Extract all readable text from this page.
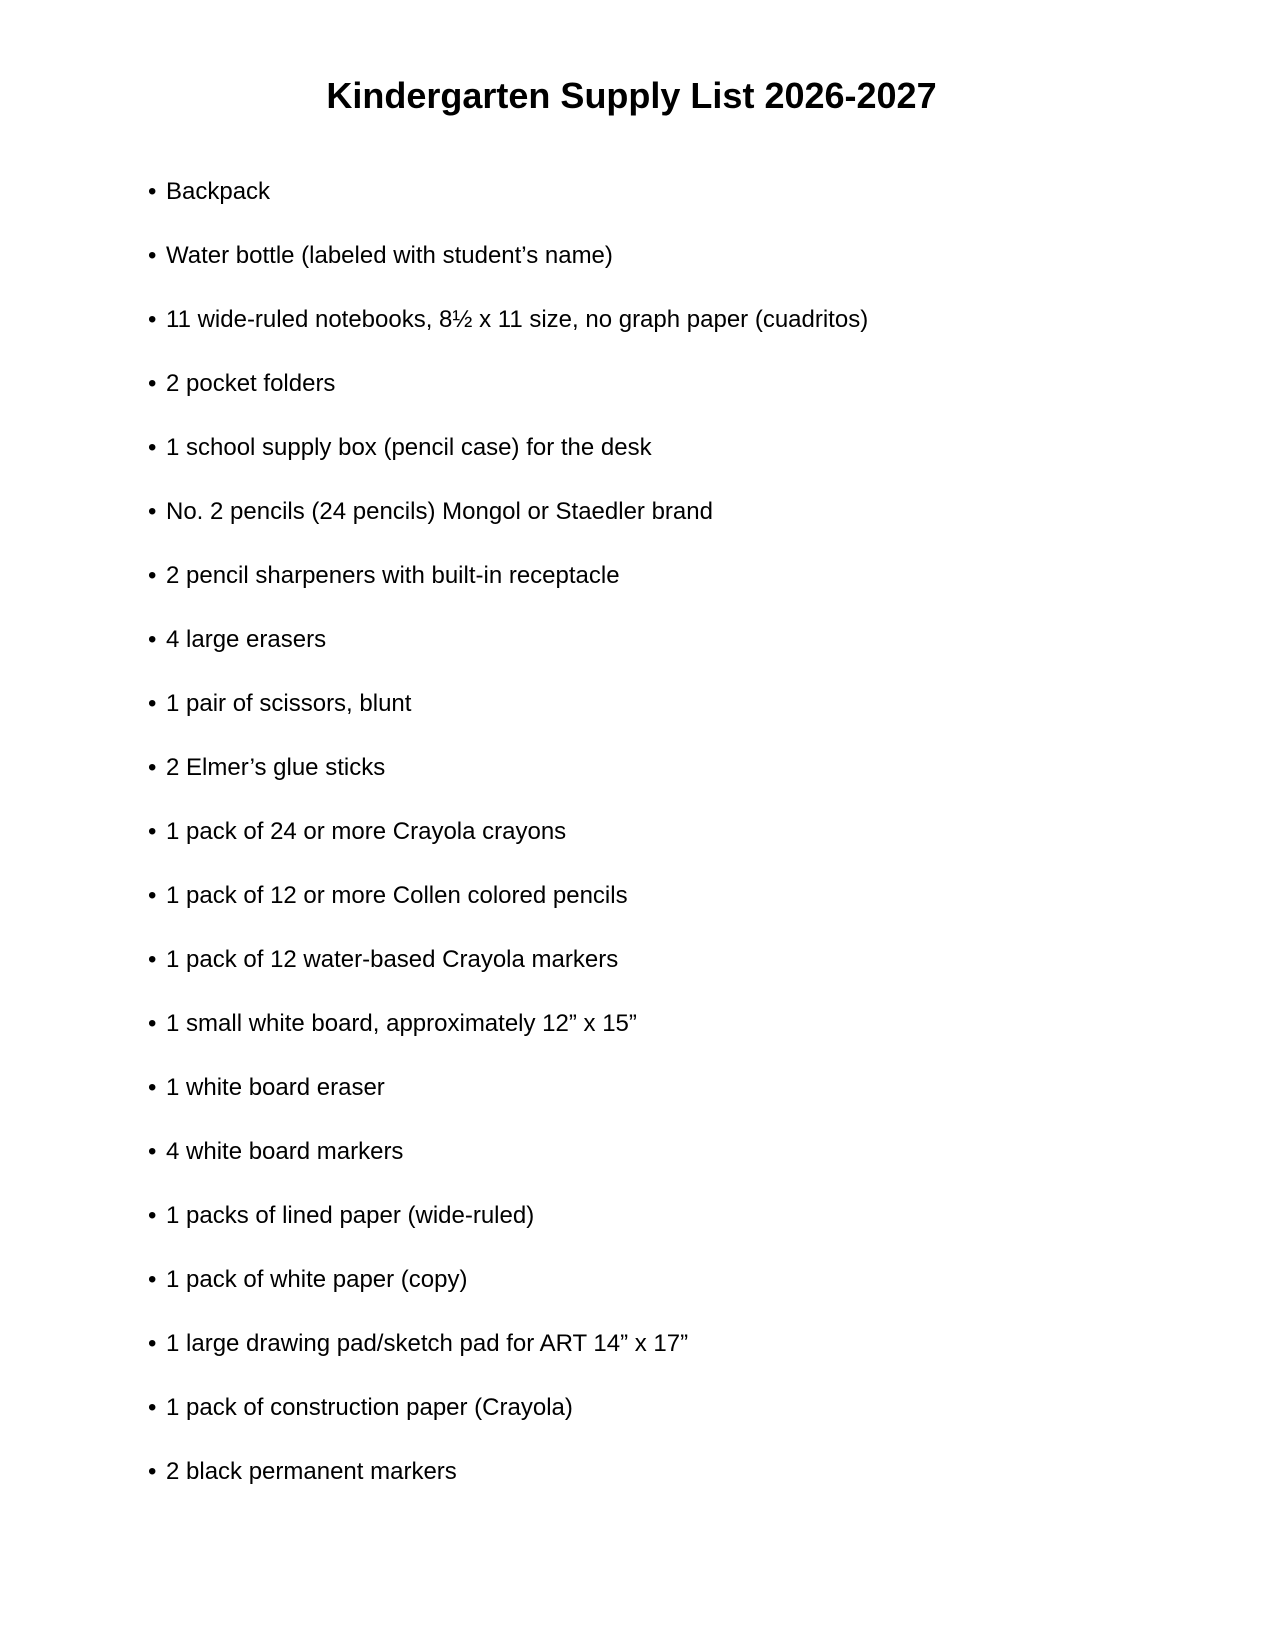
Kindergarten Supply List 2026-2027
• Backpack
• Water bottle (labeled with student’s name)
• 11 wide-ruled notebooks, 8½ x 11 size, no graph paper (cuadritos)
• 2 pocket folders
• 1 school supply box (pencil case) for the desk
• No. 2 pencils (24 pencils) Mongol or Staedler brand
• 2 pencil sharpeners with built-in receptacle
• 4 large erasers
• 1 pair of scissors, blunt
• 2 Elmer’s glue sticks
• 1 pack of 24 or more Crayola crayons
• 1 pack of 12 or more Collen colored pencils
• 1 pack of 12 water-based Crayola markers
• 1 small white board, approximately 12” x 15”
• 1 white board eraser
• 4 white board markers
• 1 packs of lined paper (wide-ruled)
• 1 pack of white paper (copy)
• 1 large drawing pad/sketch pad for ART 14” x 17”
• 1 pack of construction paper (Crayola)
• 2 black permanent markers
